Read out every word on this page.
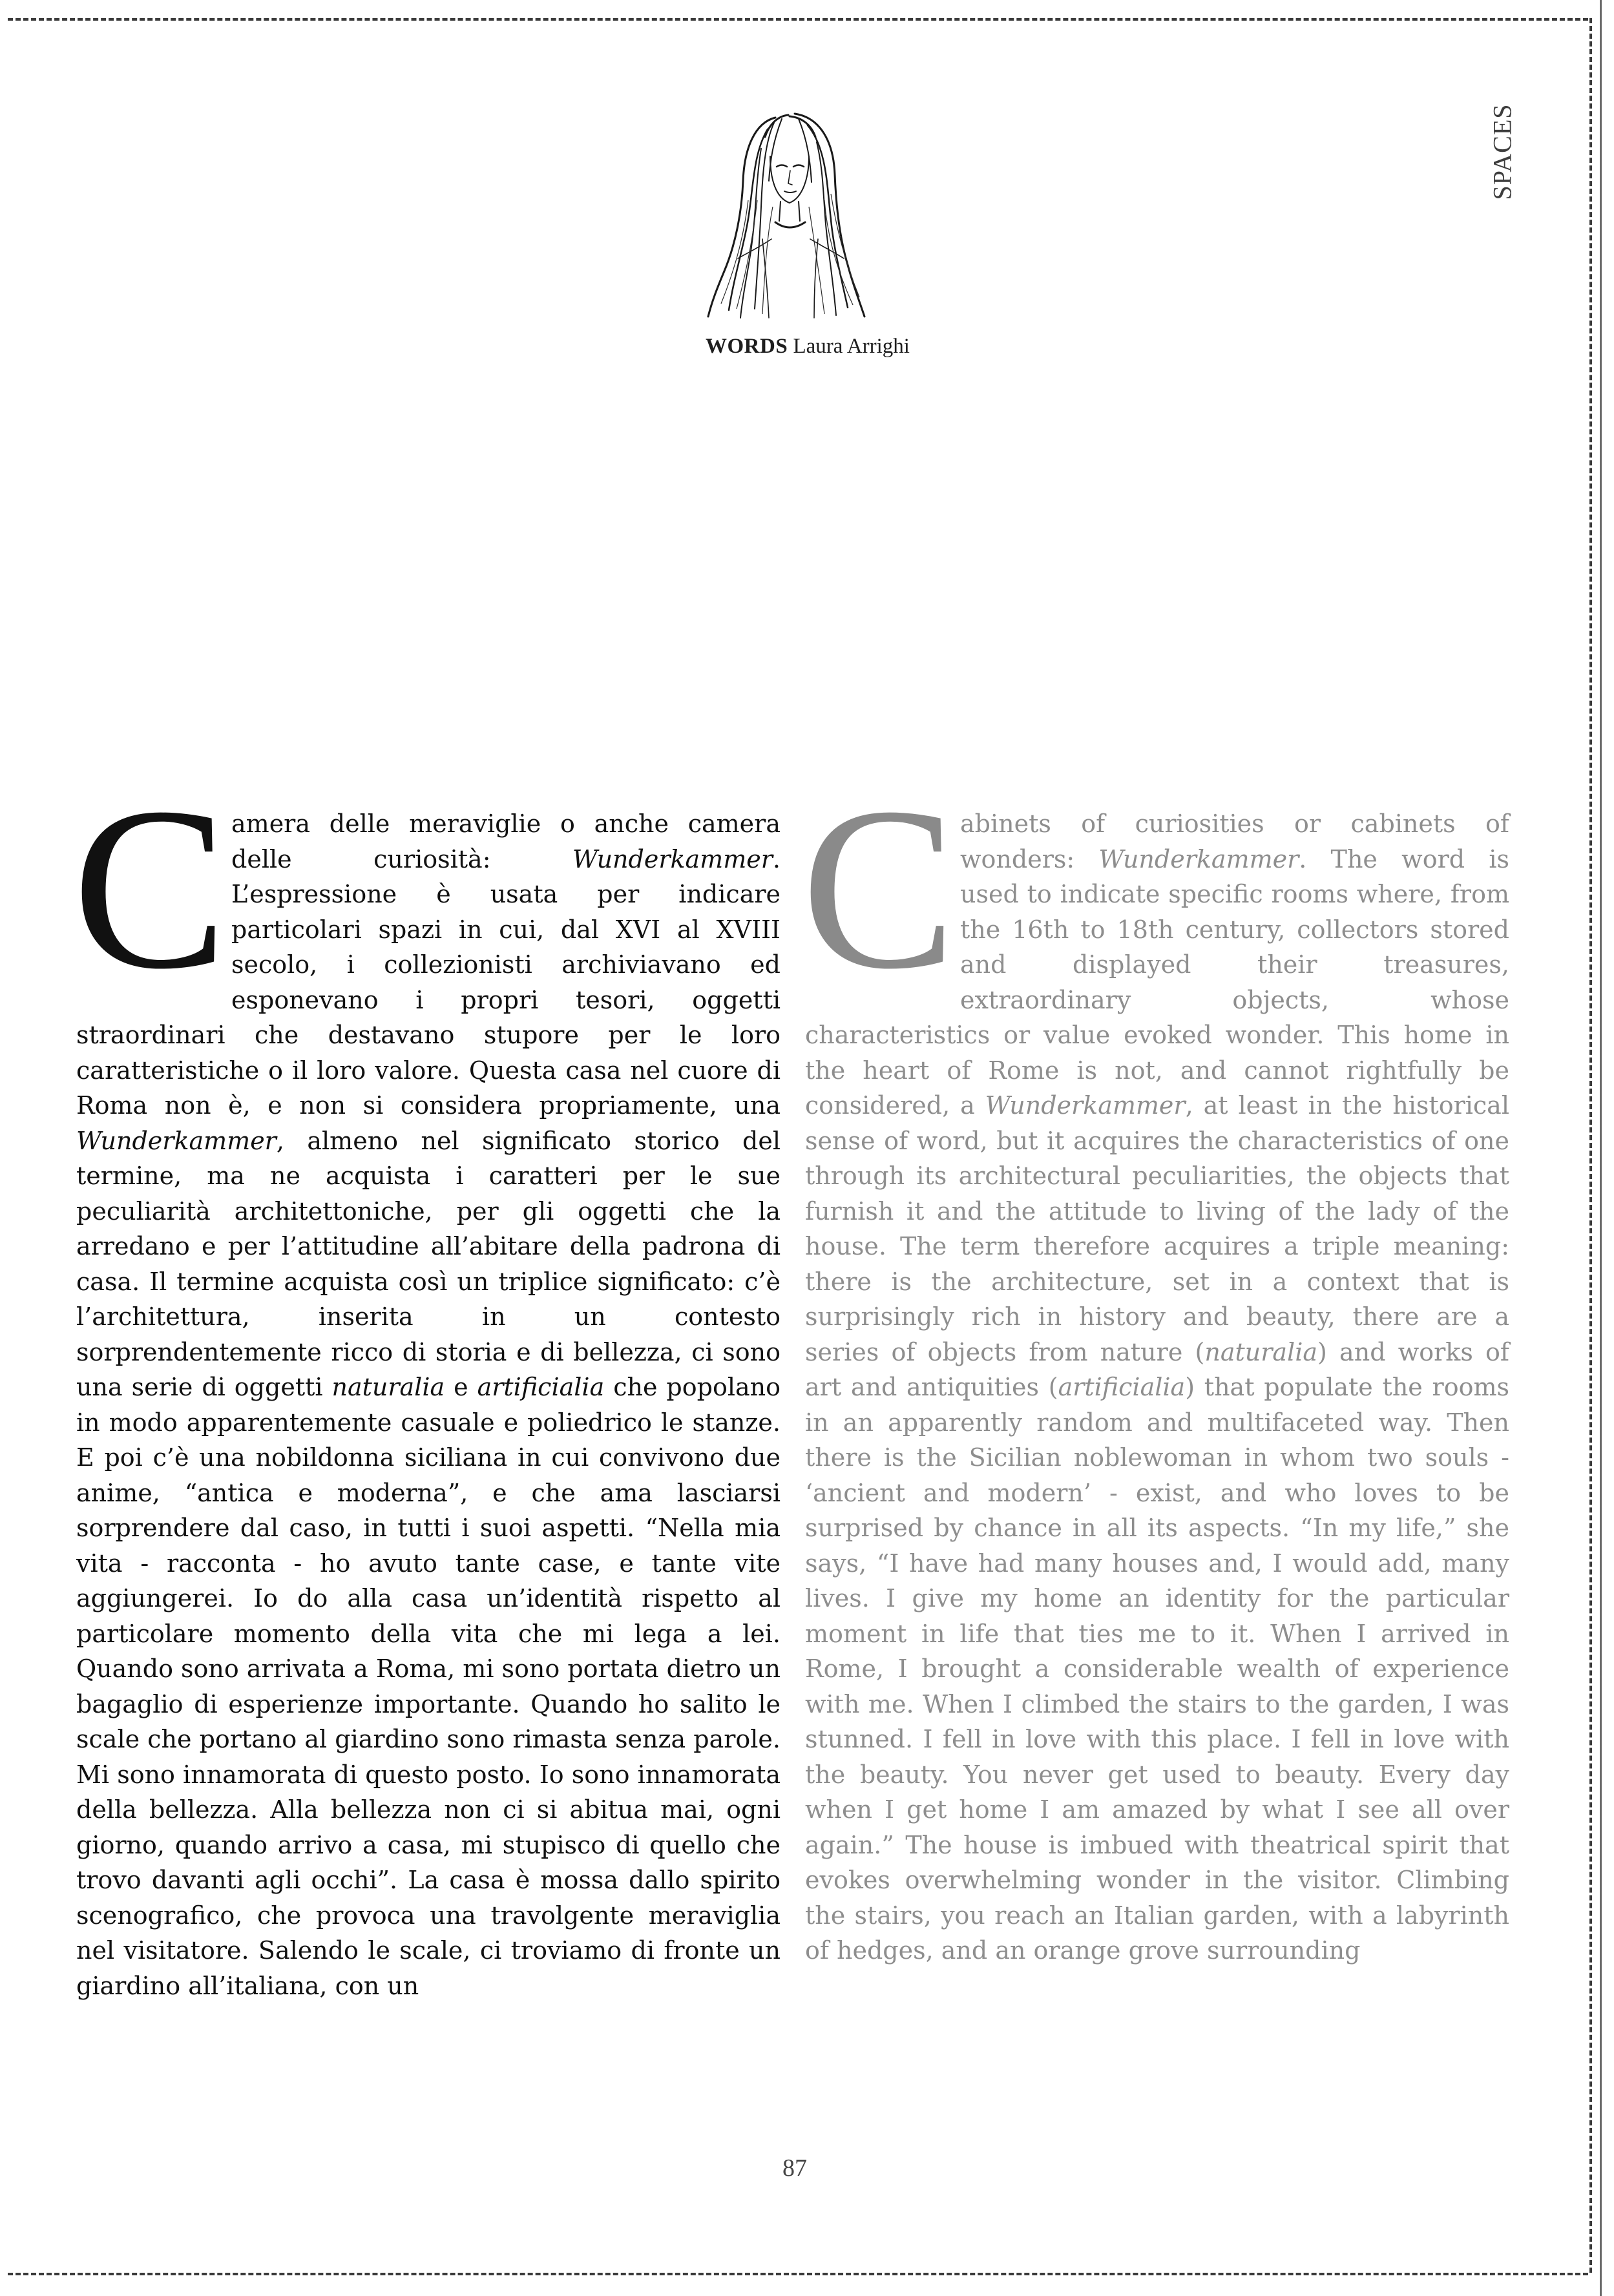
SPACES
WORDS Laura Arrighi
C amera delle meraviglie o anche camera delle curiosità: Wunderkammer. L’espressione è usata per indicare particolari spazi in cui, dal XVI al XVIII secolo, i collezionisti archiviavano ed esponevano i propri tesori, oggetti straordinari che destavano stupore per le loro caratteristiche o il loro valore. Questa casa nel cuore di Roma non è, e non si considera propriamente, una Wunderkammer, almeno nel significato storico del termine, ma ne acquista i caratteri per le sue peculiarità architettoniche, per gli oggetti che la arredano e per l’attitudine all’abitare della padrona di casa. Il termine acquista così un triplice significato: c’è l’architettura, inserita in un contesto sorprendentemente ricco di storia e di bellezza, ci sono una serie di oggetti naturalia e artificialia che popolano in modo apparentemente casuale e poliedrico le stanze. E poi c’è una nobildonna siciliana in cui convivono due anime, “antica e moderna”, e che ama lasciarsi sorprendere dal caso, in tutti i suoi aspetti. “Nella mia vita - racconta - ho avuto tante case, e tante vite aggiungerei. Io do alla casa un’identità rispetto al particolare momento della vita che mi lega a lei. Quando sono arrivata a Roma, mi sono portata dietro un bagaglio di esperienze importante. Quando ho salito le scale che portano al giardino sono rimasta senza parole. Mi sono innamorata di questo posto. Io sono innamorata della bellezza. Alla bellezza non ci si abitua mai, ogni giorno, quando arrivo a casa, mi stupisco di quello che trovo davanti agli occhi”. La casa è mossa dallo spirito scenografico, che provoca una travolgente meraviglia nel visitatore. Salendo le scale, ci troviamo di fronte un giardino all’italiana, con un

C abinets of curiosities or cabinets of wonders: Wunderkammer. The word is used to indicate specific rooms where, from the 16th to 18th century, collectors stored and displayed their treasures, extraordinary objects, whose characteristics or value evoked wonder. This home in the heart of Rome is not, and cannot rightfully be considered, a Wunderkammer, at least in the historical sense of word, but it acquires the characteristics of one through its architectural peculiarities, the objects that furnish it and the attitude to living of the lady of the house. The term therefore acquires a triple meaning: there is the architecture, set in a context that is surprisingly rich in history and beauty, there are a series of objects from nature (naturalia) and works of art and antiquities (artificialia) that populate the rooms in an apparently random and multifaceted way. Then there is the Sicilian noblewoman in whom two souls - ‘ancient and modern’ - exist, and who loves to be surprised by chance in all its aspects. “In my life,” she says, “I have had many houses and, I would add, many lives. I give my home an identity for the particular moment in life that ties me to it. When I arrived in Rome, I brought a considerable wealth of experience with me. When I climbed the stairs to the garden, I was stunned. I fell in love with this place. I fell in love with the beauty. You never get used to beauty. Every day when I get home I am amazed by what I see all over again.” The house is imbued with theatrical spirit that evokes overwhelming wonder in the visitor. Climbing the stairs, you reach an Italian garden, with a labyrinth of hedges, and an orange grove surrounding

87
